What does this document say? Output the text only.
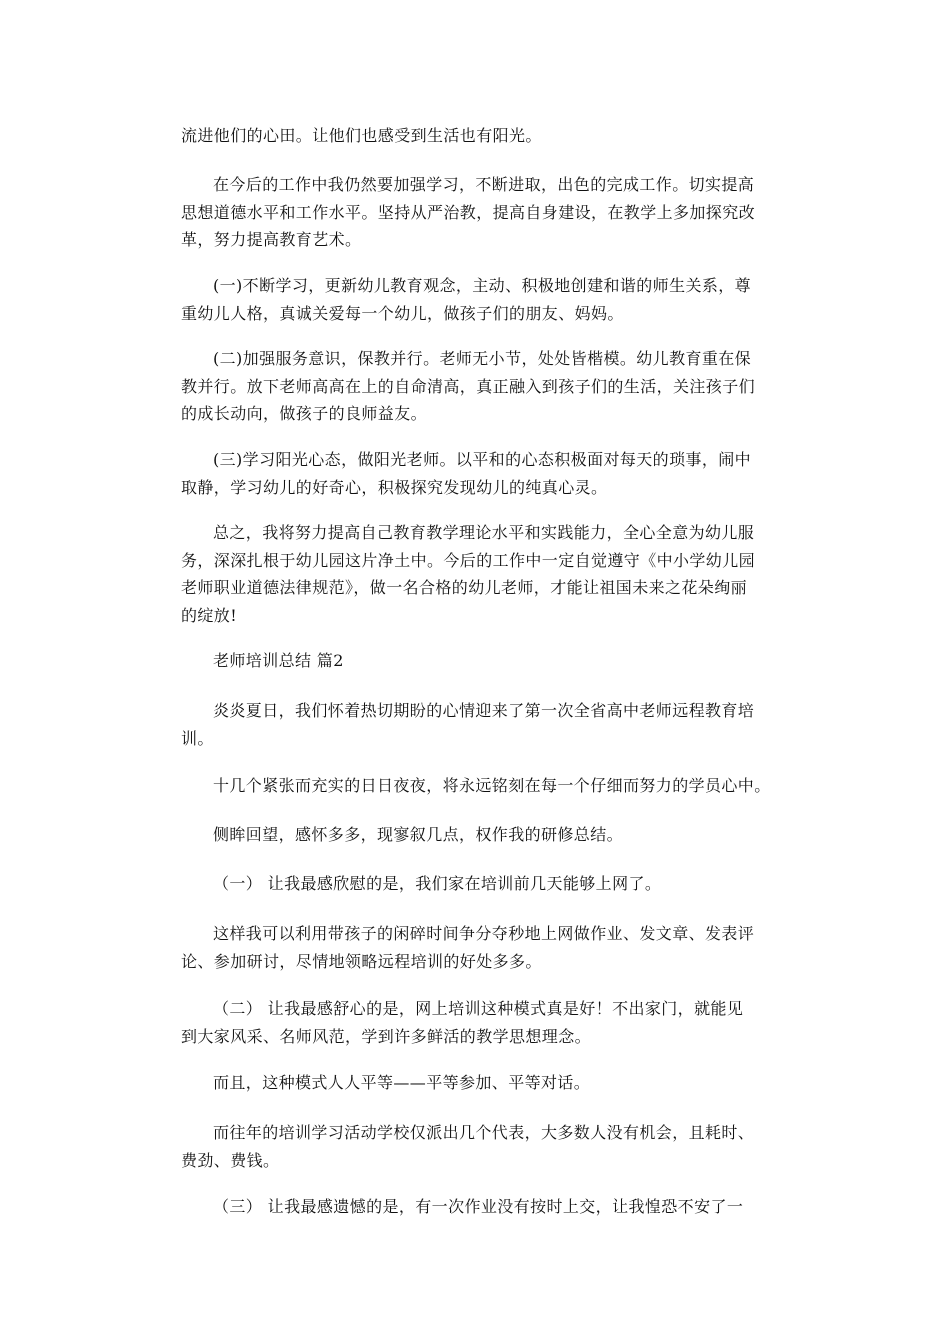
流进他们的心田。让他们也感受到生活也有阳光。
在今后的工作中我仍然要加强学习，不断进取，出色的完成工作。切实提高
思想道德水平和工作水平。坚持从严治教，提高自身建设，在教学上多加探究改
革，努力提高教育艺术。
(一)不断学习，更新幼儿教育观念，主动、积极地创建和谐的师生关系，尊
重幼儿人格，真诚关爱每一个幼儿，做孩子们的朋友、妈妈。
(二)加强服务意识，保教并行。老师无小节，处处皆楷模。幼儿教育重在保
教并行。放下老师高高在上的自命清高，真正融入到孩子们的生活，关注孩子们
的成长动向，做孩子的良师益友。
(三)学习阳光心态，做阳光老师。以平和的心态积极面对每天的琐事，闹中
取静，学习幼儿的好奇心，积极探究发现幼儿的纯真心灵。
总之，我将努力提高自己教育教学理论水平和实践能力，全心全意为幼儿服
务，深深扎根于幼儿园这片净土中。今后的工作中一定自觉遵守《中小学幼儿园
老师职业道德法律规范》，做一名合格的幼儿老师，才能让祖国未来之花朵绚丽
的绽放!
老师培训总结 篇2
炎炎夏日，我们怀着热切期盼的心情迎来了第一次全省高中老师远程教育培
训。
十几个紧张而充实的日日夜夜，将永远铭刻在每一个仔细而努力的学员心中。
侧眸回望，感怀多多，现寥叙几点，权作我的研修总结。
（一） 让我最感欣慰的是，我们家在培训前几天能够上网了。
这样我可以利用带孩子的闲碎时间争分夺秒地上网做作业、发文章、发表评
论、参加研讨，尽情地领略远程培训的好处多多。
（二） 让我最感舒心的是，网上培训这种模式真是好！不出家门，就能见
到大家风采、名师风范，学到许多鲜活的教学思想理念。
而且，这种模式人人平等——平等参加、平等对话。
而往年的培训学习活动学校仅派出几个代表，大多数人没有机会，且耗时、
费劲、费钱。
（三） 让我最感遗憾的是，有一次作业没有按时上交，让我惶恐不安了一
